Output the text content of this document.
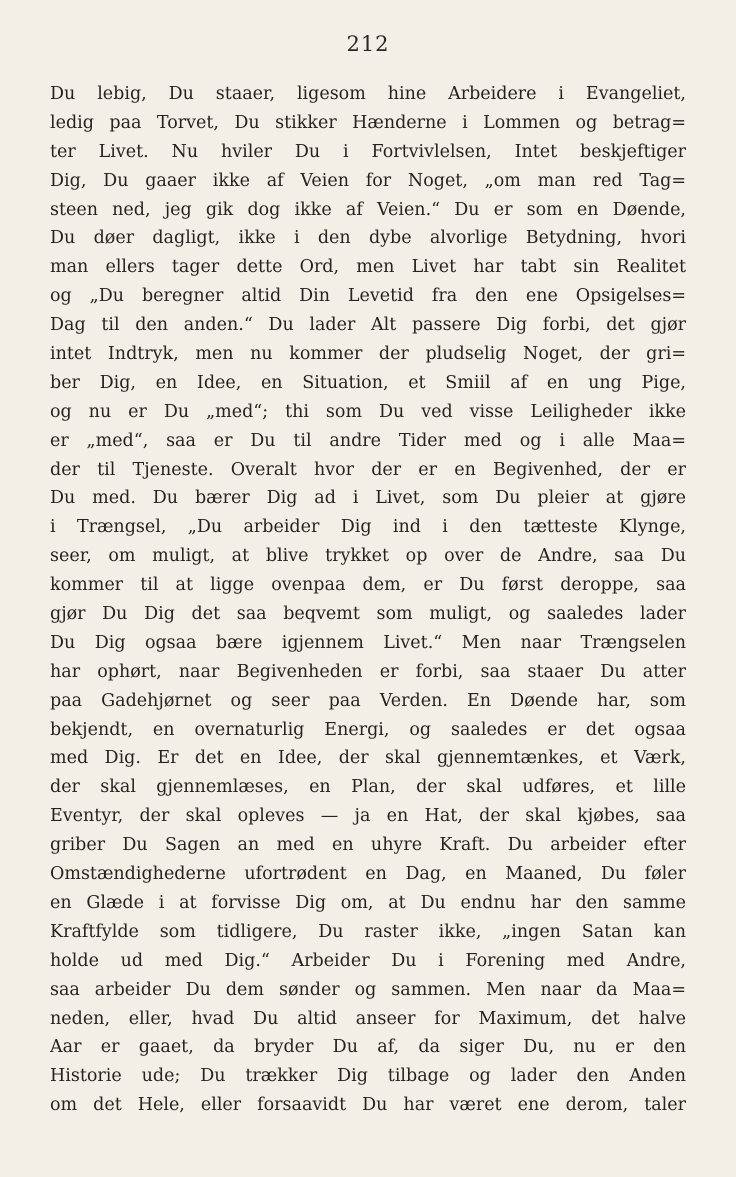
212
Du lebig, Du staaer, ligesom hine Arbeidere i Evangeliet,
ledig paa Torvet, Du stikker Hænderne i Lommen og betrag=
ter Livet. Nu hviler Du i Fortvivlelsen, Intet beskjeftiger
Dig, Du gaaer ikke af Veien for Noget, „om man red Tag=
steen ned, jeg gik dog ikke af Veien.“ Du er som en Døende,
Du døer dagligt, ikke i den dybe alvorlige Betydning, hvori
man ellers tager dette Ord, men Livet har tabt sin Realitet
og „Du beregner altid Din Levetid fra den ene Opsigelses=
Dag til den anden.“ Du lader Alt passere Dig forbi, det gjør
intet Indtryk, men nu kommer der pludselig Noget, der gri=
ber Dig, en Idee, en Situation, et Smiil af en ung Pige,
og nu er Du „med“; thi som Du ved visse Leiligheder ikke
er „med“, saa er Du til andre Tider med og i alle Maa=
der til Tjeneste. Overalt hvor der er en Begivenhed, der er
Du med. Du bærer Dig ad i Livet, som Du pleier at gjøre
i Trængsel, „Du arbeider Dig ind i den tætteste Klynge,
seer, om muligt, at blive trykket op over de Andre, saa Du
kommer til at ligge ovenpaa dem, er Du først deroppe, saa
gjør Du Dig det saa beqvemt som muligt, og saaledes lader
Du Dig ogsaa bære igjennem Livet.“ Men naar Trængselen
har ophørt, naar Begivenheden er forbi, saa staaer Du atter
paa Gadehjørnet og seer paa Verden. En Døende har, som
bekjendt, en overnaturlig Energi, og saaledes er det ogsaa
med Dig. Er det en Idee, der skal gjennemtænkes, et Værk,
der skal gjennemlæses, en Plan, der skal udføres, et lille
Eventyr, der skal opleves — ja en Hat, der skal kjøbes, saa
griber Du Sagen an med en uhyre Kraft. Du arbeider efter
Omstændighederne ufortrødent en Dag, en Maaned, Du føler
en Glæde i at forvisse Dig om, at Du endnu har den samme
Kraftfylde som tidligere, Du raster ikke, „ingen Satan kan
holde ud med Dig.“ Arbeider Du i Forening med Andre,
saa arbeider Du dem sønder og sammen. Men naar da Maa=
neden, eller, hvad Du altid anseer for Maximum, det halve
Aar er gaaet, da bryder Du af, da siger Du, nu er den
Historie ude; Du trækker Dig tilbage og lader den Anden
om det Hele, eller forsaavidt Du har været ene derom, taler
